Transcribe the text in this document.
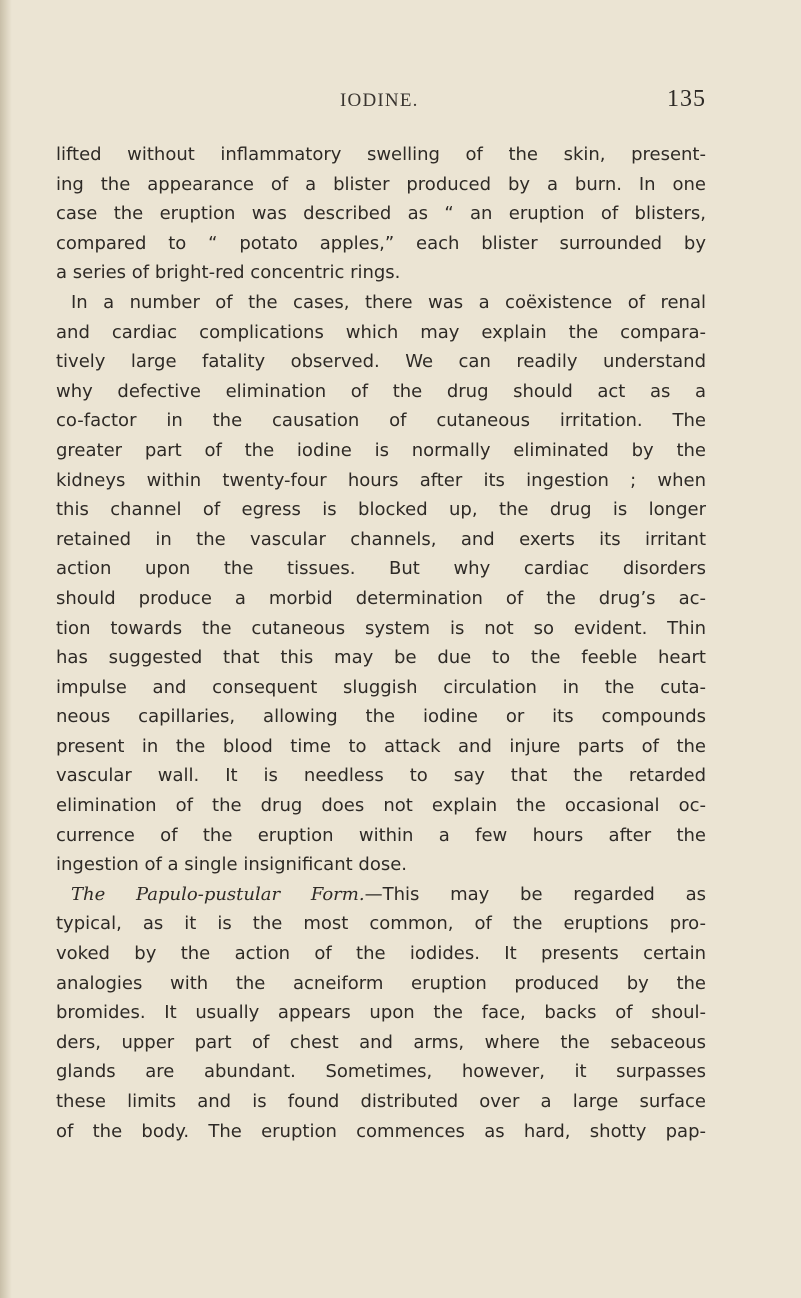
IODINE.	135
lifted without inflammatory swelling of the skin, present-
ing the appearance of a blister produced by a burn. In one
case the eruption was described as “ an eruption of blisters,
compared to “ potato apples,” each blister surrounded by
a series of bright-red concentric rings.
In a number of the cases, there was a coëxistence of renal
and cardiac complications which may explain the compara-
tively large fatality observed. We can readily understand
why defective elimination of the drug should act as a
co-factor in the causation of cutaneous irritation. The
greater part of the iodine is normally eliminated by the
kidneys within twenty-four hours after its ingestion ; when
this channel of egress is blocked up, the drug is longer
retained in the vascular channels, and exerts its irritant
action upon the tissues. But why cardiac disorders
should produce a morbid determination of the drug’s ac-
tion towards the cutaneous system is not so evident. Thin
has suggested that this may be due to the feeble heart
impulse and consequent sluggish circulation in the cuta-
neous capillaries, allowing the iodine or its compounds
present in the blood time to attack and injure parts of the
vascular wall. It is needless to say that the retarded
elimination of the drug does not explain the occasional oc-
currence of the eruption within a few hours after the
ingestion of a single insignificant dose.
The Papulo-pustular Form.—This may be regarded as
typical, as it is the most common, of the eruptions pro-
voked by the action of the iodides. It presents certain
analogies with the acneiform eruption produced by the
bromides. It usually appears upon the face, backs of shoul-
ders, upper part of chest and arms, where the sebaceous
glands are abundant. Sometimes, however, it surpasses
these limits and is found distributed over a large surface
of the body. The eruption commences as hard, shotty pap-
